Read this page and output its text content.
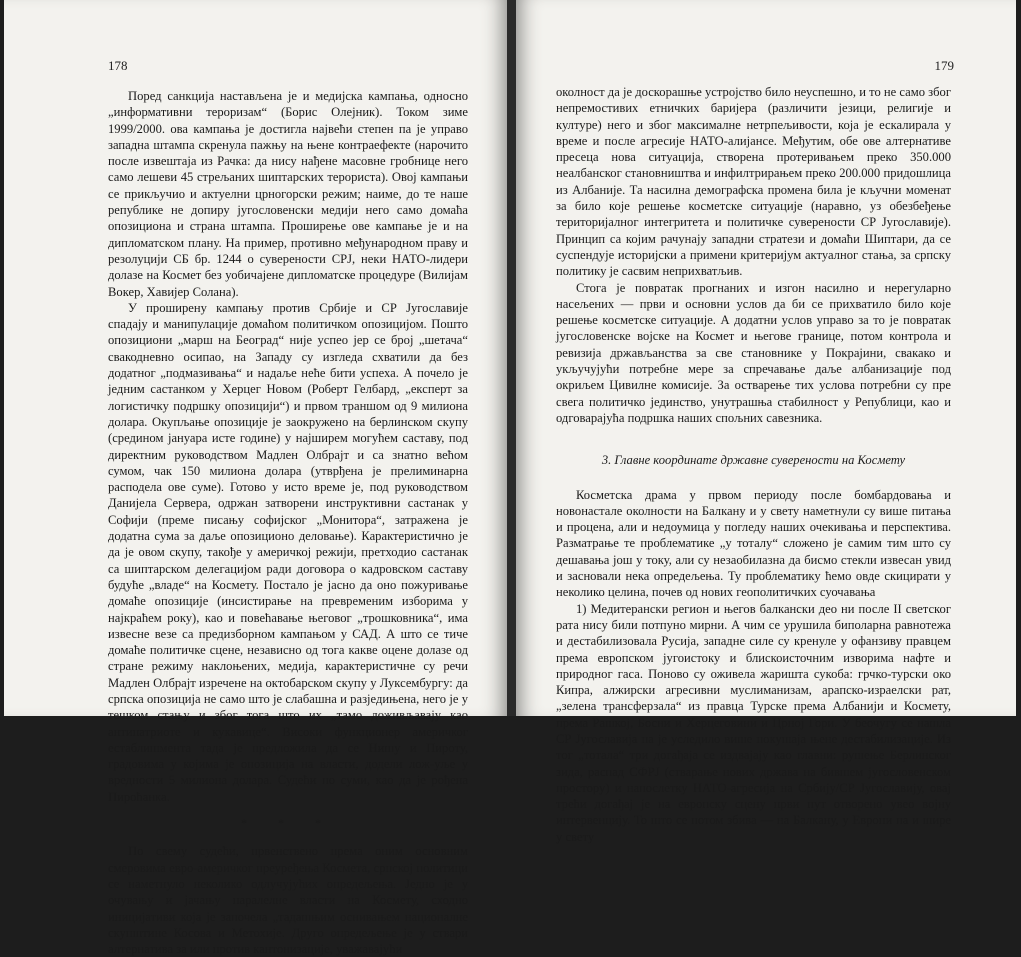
178

Поред санкција настављена је и медијска кампања, односно „информативни тероризам“ (Борис Олејник). Током зиме 1999/2000. ова кампања је достигла највећи степен па је управо западна штампа скренула пажњу на њене контраефекте (нарочито после извештаја из Рачка: да нису нађене масовне гробнице него само лешеви 45 стрељаних шиптарских терориста). Овој кампањи се прикључио и актуелни црногорски режим; наиме, до те наше републике не допиру југословенски медији него само домаћа опозициона и страна штампа. Проширење ове кампање је и на дипломатском плану. На пример, противно међународном праву и резолуцији СБ бр. 1244 о суверености СРЈ, неки НАТО-лидери долазе на Космет без уобичајене дипломатске процедуре (Вилијам Вокер, Хавијер Солана).

У проширену кампању против Србије и СР Југославије спадају и манипулације домаћом политичком опозицијом. Пошто опозициони „марш на Београд“ није успео јер се број „шетача“ свакодневно осипао, на Западу су изгледа схватили да без додатног „подмазивања“ и надаље неће бити успеха. А почело је једним састанком у Херцег Новом (Роберт Гелбард, „експерт за логистичку подршку опозицији“) и првом траншом од 9 милиона долара. Окупљање опозиције је заокружено на берлинском скупу (средином јануара исте године) у најширем могућем саставу, под директним руководством Мадлен Олбрајт и са знатно већом сумом, чак 150 милиона долара (утврђена је прелиминарна расподела ове суме). Готово у исто време је, под руководством Данијела Сервера, одржан затворени инструктивни састанак у Софији (преме писању софијског „Монитора“, затражена је додатна сума за даље опозиционо деловање). Карактеристично је да је овом скупу, такође у америчкој режији, претходио састанак са шиптарском делегацијом ради договора о кадровском саставу будуће „владе“ на Космету. Постало је јасно да оно пожуривање домаће опозиције (инсистирање на превременим изборима у најкраћем року), као и повећавање његовог „трошковника“, има извесне везе са предизборном кампањом у САД. А што се тиче домаће политичке сцене, независно од тога какве оцене долазе од стране режиму наклоњених, медија, карактеристичне су речи Мадлен Олбрајт изречене на октобарском скупу у Луксембургу: да српска опозиција не само што је слабашна и разједињена, него је у тешком стању и због тога што их „тамо доживљавају као антипатриоте и кукавице“. Високи функционер америчког естаблишмента тада је предложила да се Нишу и Пироту, градовима у којима је опозиција на власти, додели лож-уље у вредности 5 милиона долара. Судећи по суми, као да је рођена Пироћанка.

* * *

По свему судећи, првенствено према оним основним смеровима евро-америчког преуређења Космета, српској политици се наметнуло неколико одлучујућих опредељења. Једно је у очувању и јачању паралелне власти на Космету, сходно иницијативи која је започела „тадашњим оснивањем националне скупштине Косова и Метохије. Друго опредељење је у ствари алтернатива за или против кантонизације, уважавајући

179

околност да је доскорашње устројство било неуспешно, и то не само због непремостивих етничких баријера (различити језици, религије и културе) него и због максималне нетрпељивости, која је ескалирала у време и после агресије НАТО-алијансе. Међутим, обе ове алтернативе пресеца нова ситуација, створена протеривањем преко 350.000 неалбанског становништва и инфилтрирањем преко 200.000 придошлица из Албаније. Та насилна демографска промена била је кључни моменат за било које решење косметске ситуације (наравно, уз обезбеђење територијалног интегритета и политичке суверености СР Југославије). Принцип са којим рачунају западни стратези и домаћи Шиптари, да се суспендује историјски а примени критеријум актуалног стања, за српску политику је сасвим неприхватљив.

Стога је повратак прогнаних и изгон насилно и нерегуларно насељених — први и основни услов да би се прихватило било које решење косметске ситуације. А додатни услов управо за то је повратак југословенске војске на Космет и његове границе, потом контрола и ревизија држављанства за све становнике у Покрајини, свакако и укључујући потребне мере за спречавање даље албанизације под окриљем Цивилне комисије. За остварење тих услова потребни су пре свега политичко јединство, унутрашња стабилност у Републици, као и одговарајућа подршка наших спољних савезника.

3. Главне координате државне суверености на Космету

Косметска драма у првом периоду после бомбардовања и новонастале околности на Балкану и у свету наметнули су више питања и процена, али и недоумица у погледу наших очекивања и перспектива. Разматрање те проблематике „у тоталу“ сложено је самим тим што су дешавања још у току, али су незаобилазна да бисмо стекли извесан увид и засновали нека опредељења. Ту проблематику ћемо овде скицирати у неколико целина, почев од нових геополитичких суочавања

1) Медитерански регион и његов балкански део ни после II светског рата нису били потпуно мирни. А чим се урушила биполарна равнотежа и дестабилизовала Русија, западне силе су кренуле у офанзиву правцем према европском југоистоку и блискоисточним изворима нафте и природног гаса. Поново су оживела жаришта сукоба: грчко-турски око Кипра, алжирски агресивни муслиманизам, арапско-израелски рат, „зелена трансферзала“ из правца Турске према Албанији и Космету, према Рашкој, Босни и Херцеговини и Црној Гори. У беочугу се нашла СР Југославија па је уследило више покушаја њене дестабилизације. Из тог „тотала“ три догађаја се издвајају као главни: рушење Берлинског зида, распад СФРЈ (стварање нових држава на бившем југословенском простору) и напослетку НАТО-агресија на Србију/СР Југославију, овај трећи догађај је на европску сцену први пут отворено увео војну интервенцију. То што се потом збива — на Балкану, у Европи па и шире у свету
